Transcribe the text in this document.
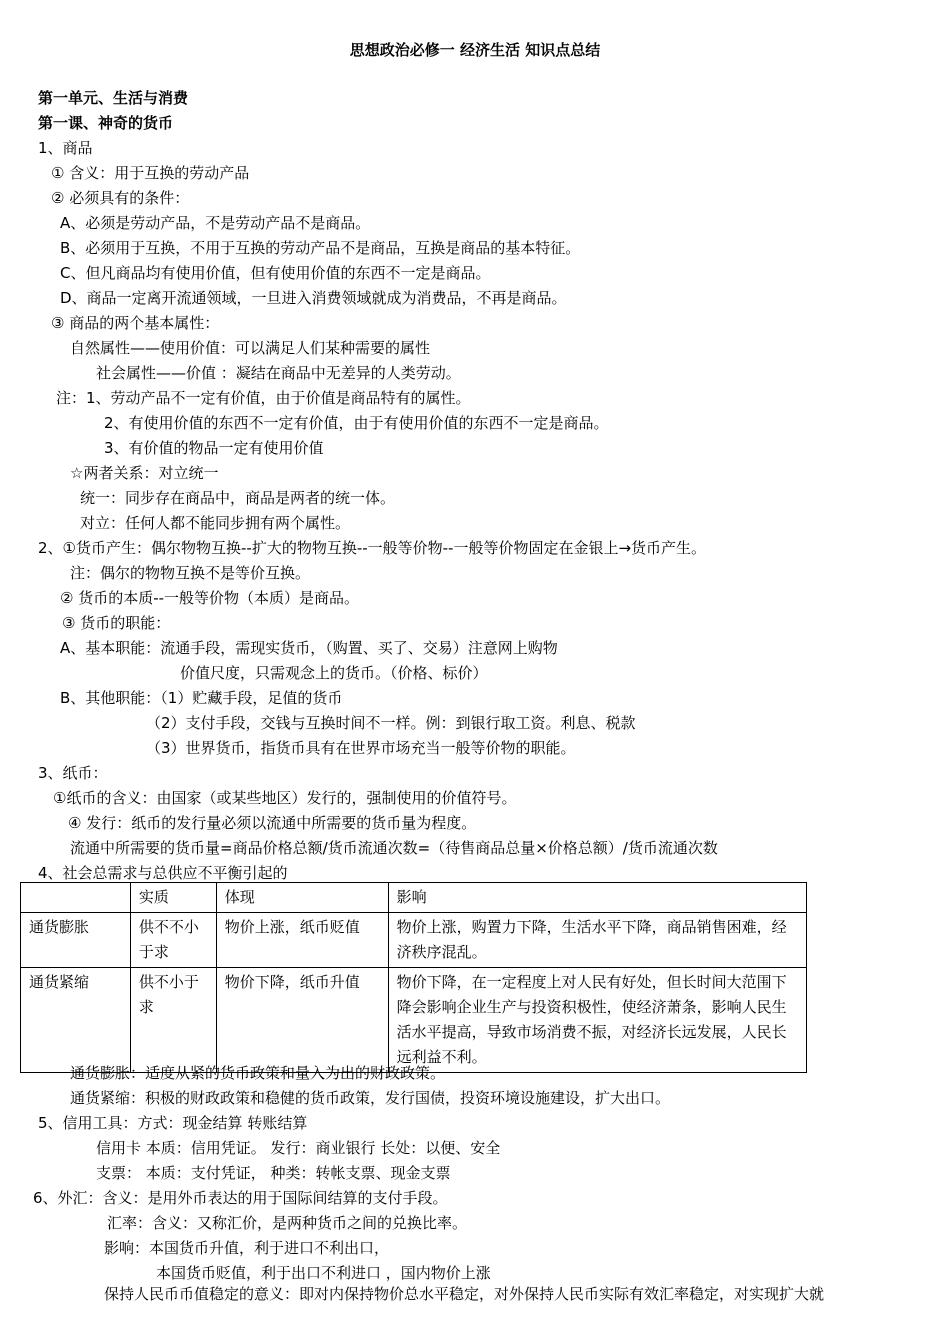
思想政治必修一 经济生活 知识点总结
第一单元、生活与消费
第一课、神奇的货币
1、商品
① 含义：用于互换的劳动产品
② 必须具有的条件：
A、必须是劳动产品，不是劳动产品不是商品。
B、必须用于互换，不用于互换的劳动产品不是商品，互换是商品的基本特征。
C、但凡商品均有使用价值，但有使用价值的东西不一定是商品。
D、商品一定离开流通领域，一旦进入消费领域就成为消费品，不再是商品。
③ 商品的两个基本属性：
自然属性——使用价值：可以满足人们某种需要的属性
社会属性——价值 ：凝结在商品中无差异的人类劳动。
注：1、劳动产品不一定有价值，由于价值是商品特有的属性。
2、有使用价值的东西不一定有价值，由于有使用价值的东西不一定是商品。
3、有价值的物品一定有使用价值
☆两者关系：对立统一
统一：同步存在商品中，商品是两者的统一体。
对立：任何人都不能同步拥有两个属性。
2、①货币产生：偶尔物物互换--扩大的物物互换--一般等价物--一般等价物固定在金银上→货币产生。
注：偶尔的物物互换不是等价互换。
② 货币的本质--一般等价物（本质）是商品。
③ 货币的职能：
A、基本职能：流通手段，需现实货币，（购置、买了、交易）注意网上购物
价值尺度，只需观念上的货币。（价格、标价）
B、其他职能：（1）贮藏手段，足值的货币
（2）支付手段，交钱与互换时间不一样。例：到银行取工资。利息、税款
（3）世界货币，指货币具有在世界市场充当一般等价物的职能。
3、纸币：
①纸币的含义：由国家（或某些地区）发行的，强制使用的价值符号。
④ 发行：纸币的发行量必须以流通中所需要的货币量为程度。
流通中所需要的货币量=商品价格总额/货币流通次数=（待售商品总量×价格总额）/货币流通次数
4、社会总需求与总供应不平衡引起的
通货膨胀：适度从紧的货币政策和量入为出的财政政策。
通货紧缩：积极的财政政策和稳健的货币政策，发行国债，投资环境设施建设，扩大出口。
5、信用工具：方式：现金结算 转账结算
信用卡 本质：信用凭证。 发行：商业银行 长处：以便、安全
支票： 本质：支付凭证， 种类：转帐支票、现金支票
6、外汇：含义：是用外币表达的用于国际间结算的支付手段。
汇率：含义：又称汇价，是两种货币之间的兑换比率。
影响：本国货币升值，利于进口不利出口，
本国货币贬值，利于出口不利进口 ，国内物价上涨
保持人民币币值稳定的意义：即对内保持物价总水平稳定，对外保持人民币实际有效汇率稳定，对实现扩大就
	实质	体现	影响
通货膨胀	供不不小于求	物价上涨，纸币贬值	物价上涨，购置力下降，生活水平下降，商品销售困难，经济秩序混乱。
通货紧缩	供不小于求	物价下降，纸币升值	物价下降，在一定程度上对人民有好处，但长时间大范围下降会影响企业生产与投资积极性，使经济萧条，影响人民生活水平提高，导致市场消费不振，对经济长远发展，人民长远利益不利。
